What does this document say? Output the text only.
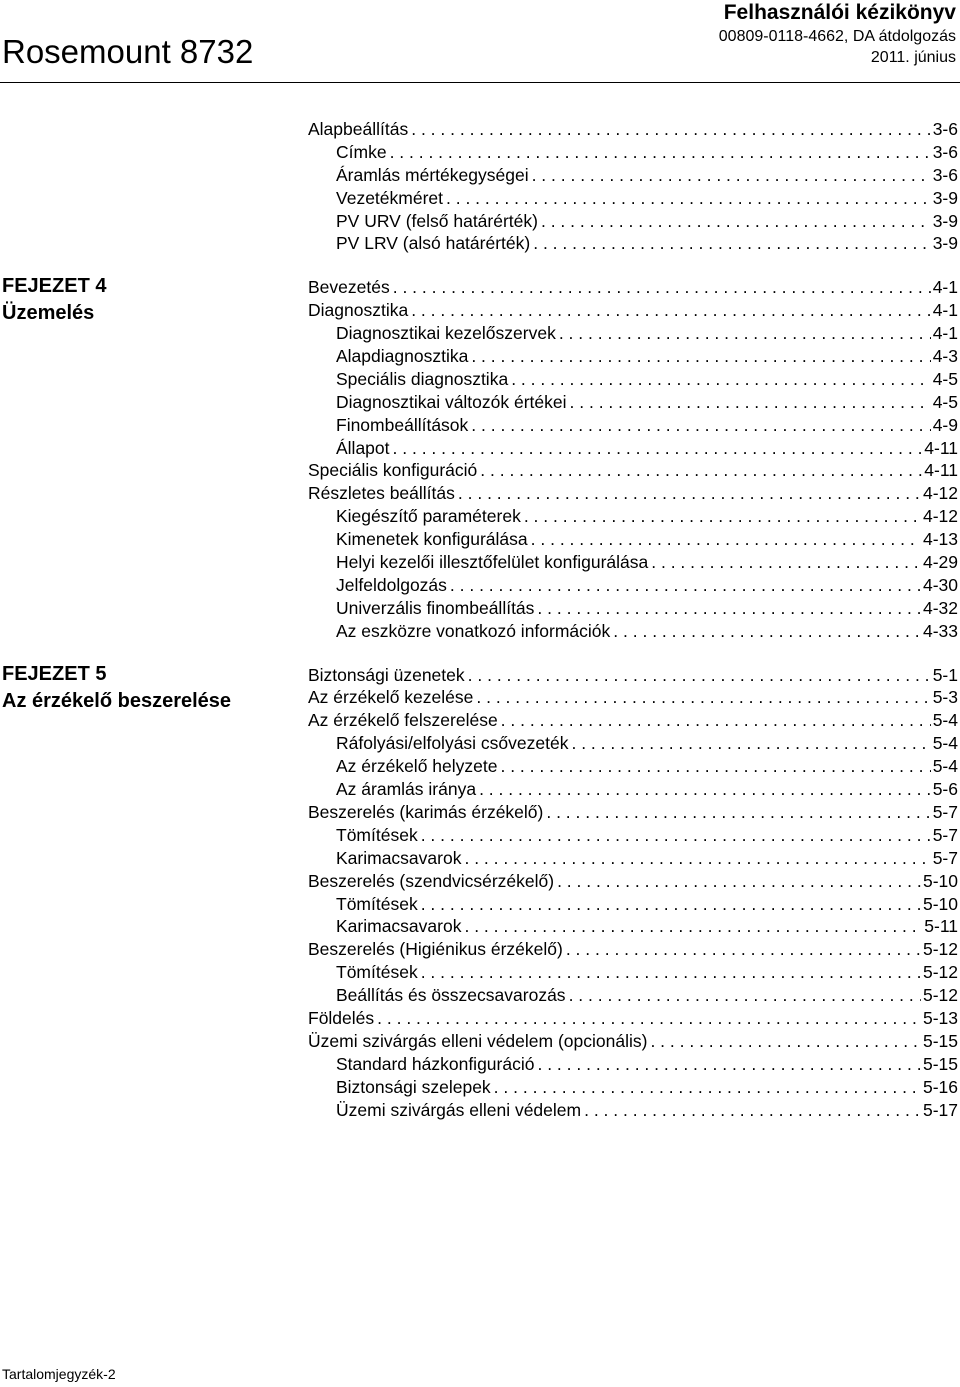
Rosemount 8732
Felhasználói kézikönyv
00809-0118-4662, DA átdolgozás
2011. június
Alapbeállítás . . .	3-6
Címke . . .	3-6
Áramlás mértékegységei . . .	3-6
Vezetékméret . . .	3-9
PV URV (felső határérték) . . .	3-9
PV LRV (alsó határérték) . . .	3-9
Bevezetés . . .	4-1
Diagnosztika . . .	4-1
Diagnosztikai kezelőszervek . . .	4-1
Alapdiagnosztika . . .	4-3
Speciális diagnosztika . . .	4-5
Diagnosztikai változók értékei . . .	4-5
Finombeállítások . . .	4-9
Állapot . . .	4-11
Speciális konfiguráció . . .	4-11
Részletes beállítás . . .	4-12
Kiegészítő paraméterek . . .	4-12
Kimenetek konfigurálása . . .	4-13
Helyi kezelői illesztőfelület konfigurálása . . .	4-29
Jelfeldolgozás . . .	4-30
Univerzális finombeállítás . . .	4-32
Az eszközre vonatkozó információk . . .	4-33
Biztonsági üzenetek . . .	5-1
Az érzékelő kezelése . . .	5-3
Az érzékelő felszerelése . . .	5-4
Ráfolyási/elfolyási csővezeték . . .	5-4
Az érzékelő helyzete . . .	5-4
Az áramlás iránya . . .	5-6
Beszerelés (karimás érzékelő) . . .	5-7
Tömítések . . .	5-7
Karimacsavarok . . .	5-7
Beszerelés (szendvicsérzékelő) . . .	5-10
Tömítések . . .	5-10
Karimacsavarok . . .	5-11
Beszerelés (Higiénikus érzékelő) . . .	5-12
Tömítések . . .	5-12
Beállítás és összecsavarozás . . .	5-12
Földelés . . .	5-13
Üzemi szivárgás elleni védelem (opcionális) . . .	5-15
Standard házkonfiguráció . . .	5-15
Biztonsági szelepek . . .	5-16
Üzemi szivárgás elleni védelem . . .	5-17
FEJEZET 4
Üzemelés
FEJEZET 5
Az érzékelő beszerelése
Tartalomjegyzék-2
